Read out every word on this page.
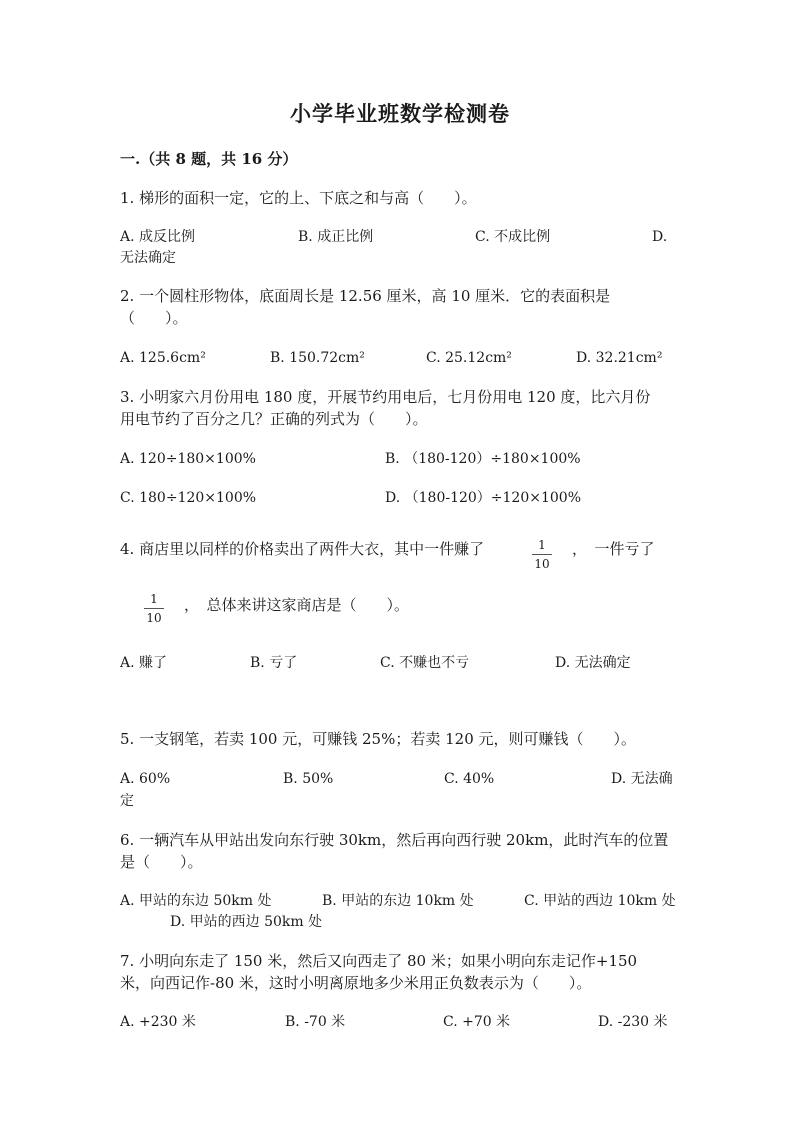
小学毕业班数学检测卷
一.（共 8 题，共 16 分）
1. 梯形的面积一定，它的上、下底之和与高（　　）。
A. 成反比例	B. 成正比例	C. 不成比例	D.
无法确定
2. 一个圆柱形物体，底面周长是 12.56 厘米，高 10 厘米．它的表面积是
（　　）。
A. 125.6cm²	B. 150.72cm²	C. 25.12cm²	D. 32.21cm²
3. 小明家六月份用电 180 度，开展节约用电后，七月份用电 120 度，比六月份
用电节约了百分之几？正确的列式为（　　）。
A. 120÷180×100%	B. （180-120）÷180×100%
C. 180÷120×100%	D. （180-120）÷120×100%
4. 商店里以同样的价格卖出了两件大衣，其中一件赚了	1
10
，　一件亏了
1
10
，　总体来讲这家商店是（　　）。
A. 赚了	B. 亏了	C. 不赚也不亏	D. 无法确定
5. 一支钢笔，若卖 100 元，可赚钱 25%；若卖 120 元，则可赚钱（　　）。
A. 60%	B. 50%	C. 40%	D. 无法确
定
6. 一辆汽车从甲站出发向东行驶 30km，然后再向西行驶 20km，此时汽车的位置
是（　　）。
A. 甲站的东边 50km 处	B. 甲站的东边 10km 处	C. 甲站的西边 10km 处
D. 甲站的西边 50km 处
7. 小明向东走了 150 米，然后又向西走了 80 米；如果小明向东走记作+150
米，向西记作-80 米，这时小明离原地多少米用正负数表示为（　　）。
A. +230 米	B. -70 米	C. +70 米	D. -230 米
